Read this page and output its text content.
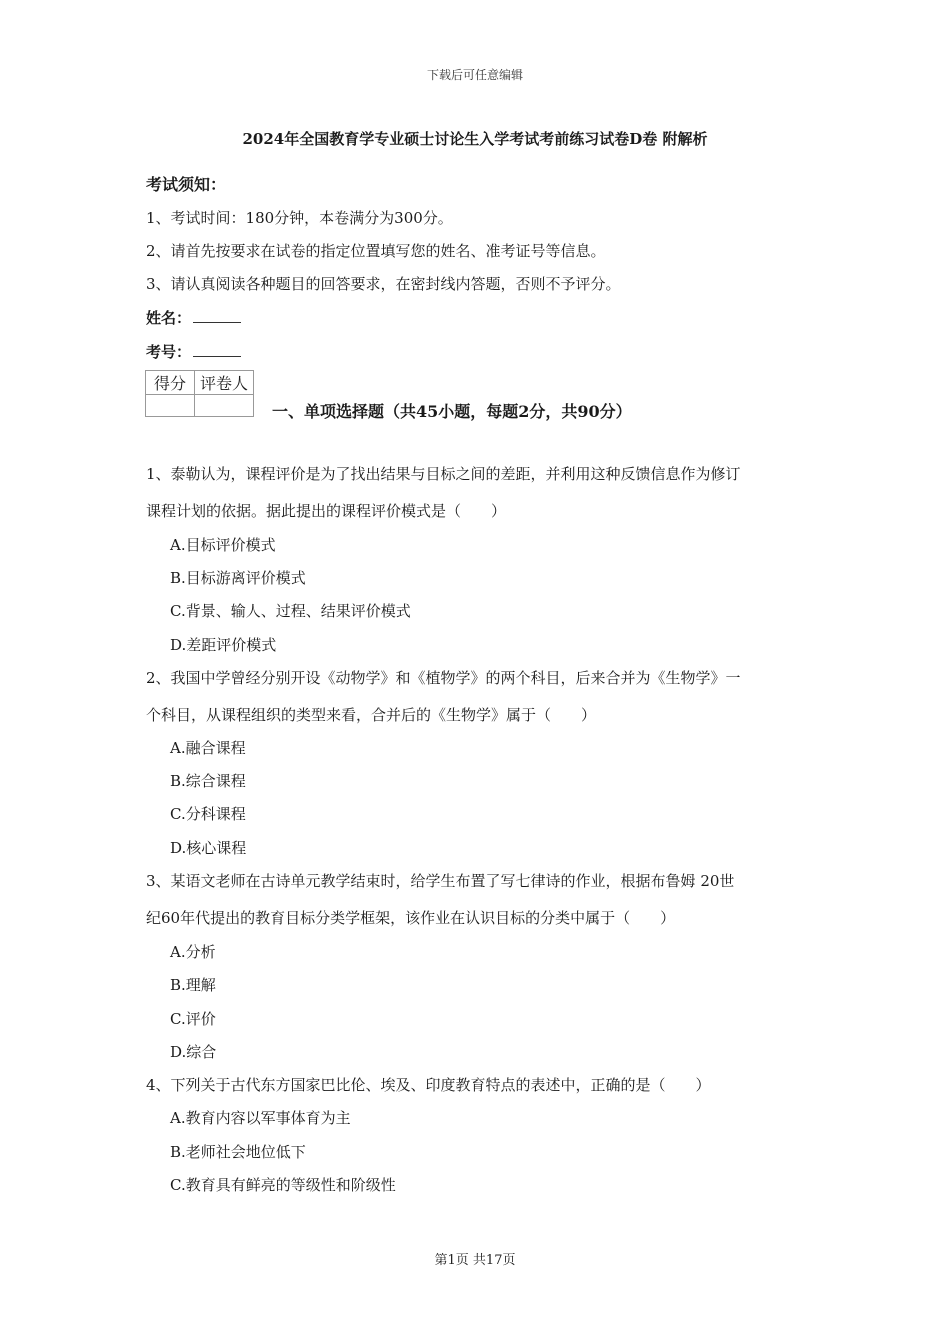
下载后可任意编辑
2024年全国教育学专业硕士讨论生入学考试考前练习试卷D卷 附解析
考试须知：
1、考试时间：180分钟，本卷满分为300分。
2、请首先按要求在试卷的指定位置填写您的姓名、准考证号等信息。
3、请认真阅读各种题目的回答要求，在密封线内答题，否则不予评分。
姓名：
考号：
得分	评卷人

一、单项选择题（共45小题，每题2分，共90分）
1、泰勒认为，课程评价是为了找出结果与目标之间的差距，并利用这种反馈信息作为修订
课程计划的依据。据此提出的课程评价模式是（　　）
A.目标评价模式
B.目标游离评价模式
C.背景、输人、过程、结果评价模式
D.差距评价模式
2、我国中学曾经分别开设《动物学》和《植物学》的两个科目，后来合并为《生物学》一
个科目，从课程组织的类型来看，合并后的《生物学》属于（　　）
A.融合课程
B.综合课程
C.分科课程
D.核心课程
3、某语文老师在古诗单元教学结束时，给学生布置了写七律诗的作业，根据布鲁姆 20世
纪60年代提出的教育目标分类学框架，该作业在认识目标的分类中属于（　　）
A.分析
B.理解
C.评价
D.综合
4、下列关于古代东方国家巴比伦、埃及、印度教育特点的表述中，正确的是（　　）
A.教育内容以军事体育为主
B.老师社会地位低下
C.教育具有鲜亮的等级性和阶级性
第1页 共17页
